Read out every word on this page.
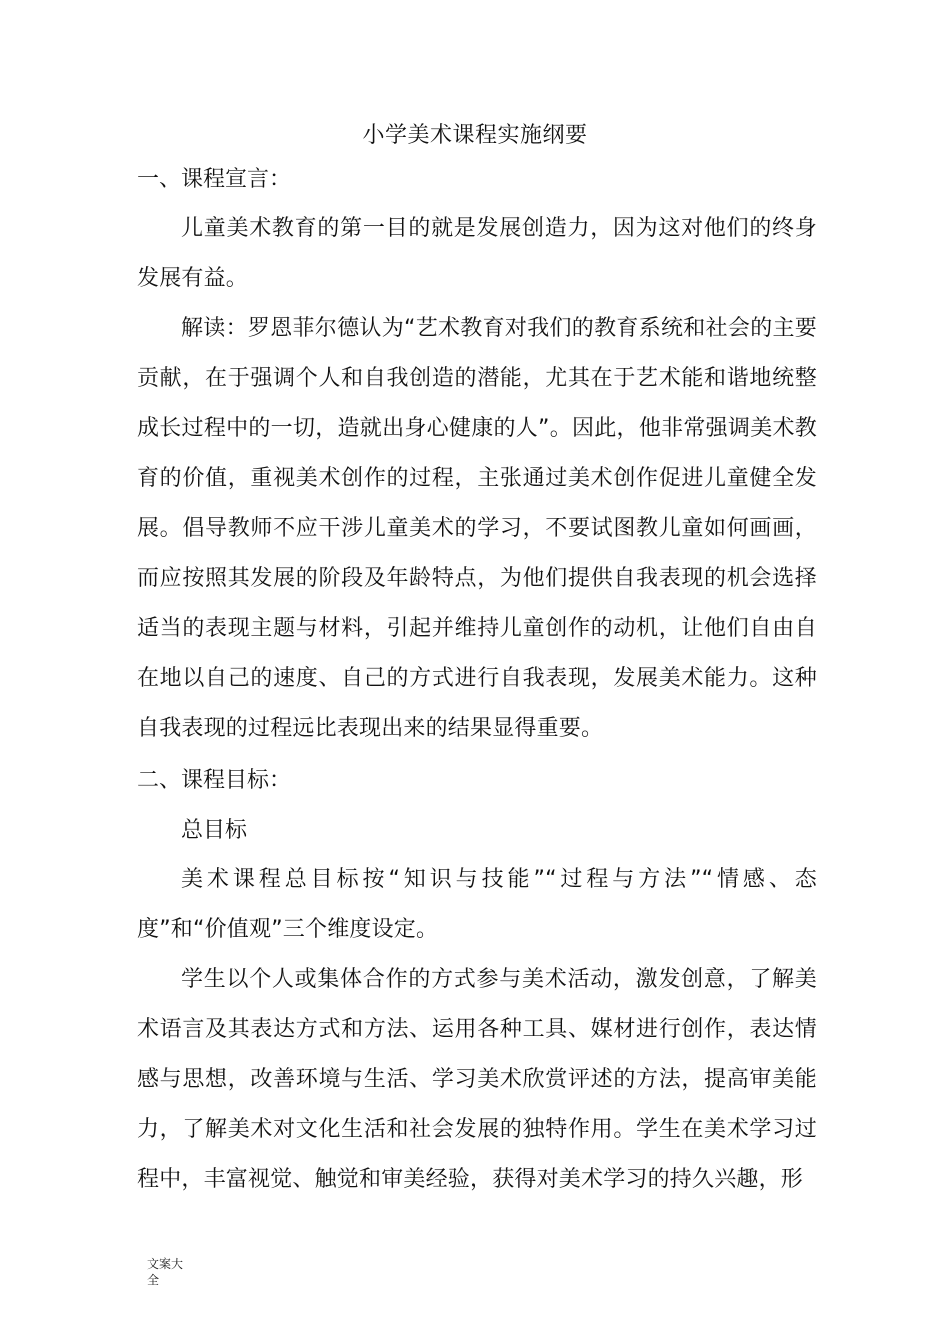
小学美术课程实施纲要
一、课程宣言：

儿童美术教育的第一目的就是发展创造力，因为这对他们的终身发展有益。

解读：罗恩菲尔德认为“艺术教育对我们的教育系统和社会的主要贡献，在于强调个人和自我创造的潜能，尤其在于艺术能和谐地统整成长过程中的一切，造就出身心健康的人”。因此，他非常强调美术教育的价值，重视美术创作的过程，主张通过美术创作促进儿童健全发展。倡导教师不应干涉儿童美术的学习，不要试图教儿童如何画画，而应按照其发展的阶段及年龄特点，为他们提供自我表现的机会选择适当的表现主题与材料，引起并维持儿童创作的动机，让他们自由自在地以自己的速度、自己的方式进行自我表现，发展美术能力。这种自我表现的过程远比表现出来的结果显得重要。

二、课程目标：
总目标

美术课程总目标按“知识与技能”“过程与方法”“情感、态度”和“价值观”三个维度设定。

学生以个人或集体合作的方式参与美术活动，激发创意，了解美术语言及其表达方式和方法、运用各种工具、媒材进行创作，表达情感与思想，改善环境与生活、学习美术欣赏评述的方法，提高审美能力，了解美术对文化生活和社会发展的独特作用。学生在美术学习过程中，丰富视觉、触觉和审美经验，获得对美术学习的持久兴趣，形

文案大全
